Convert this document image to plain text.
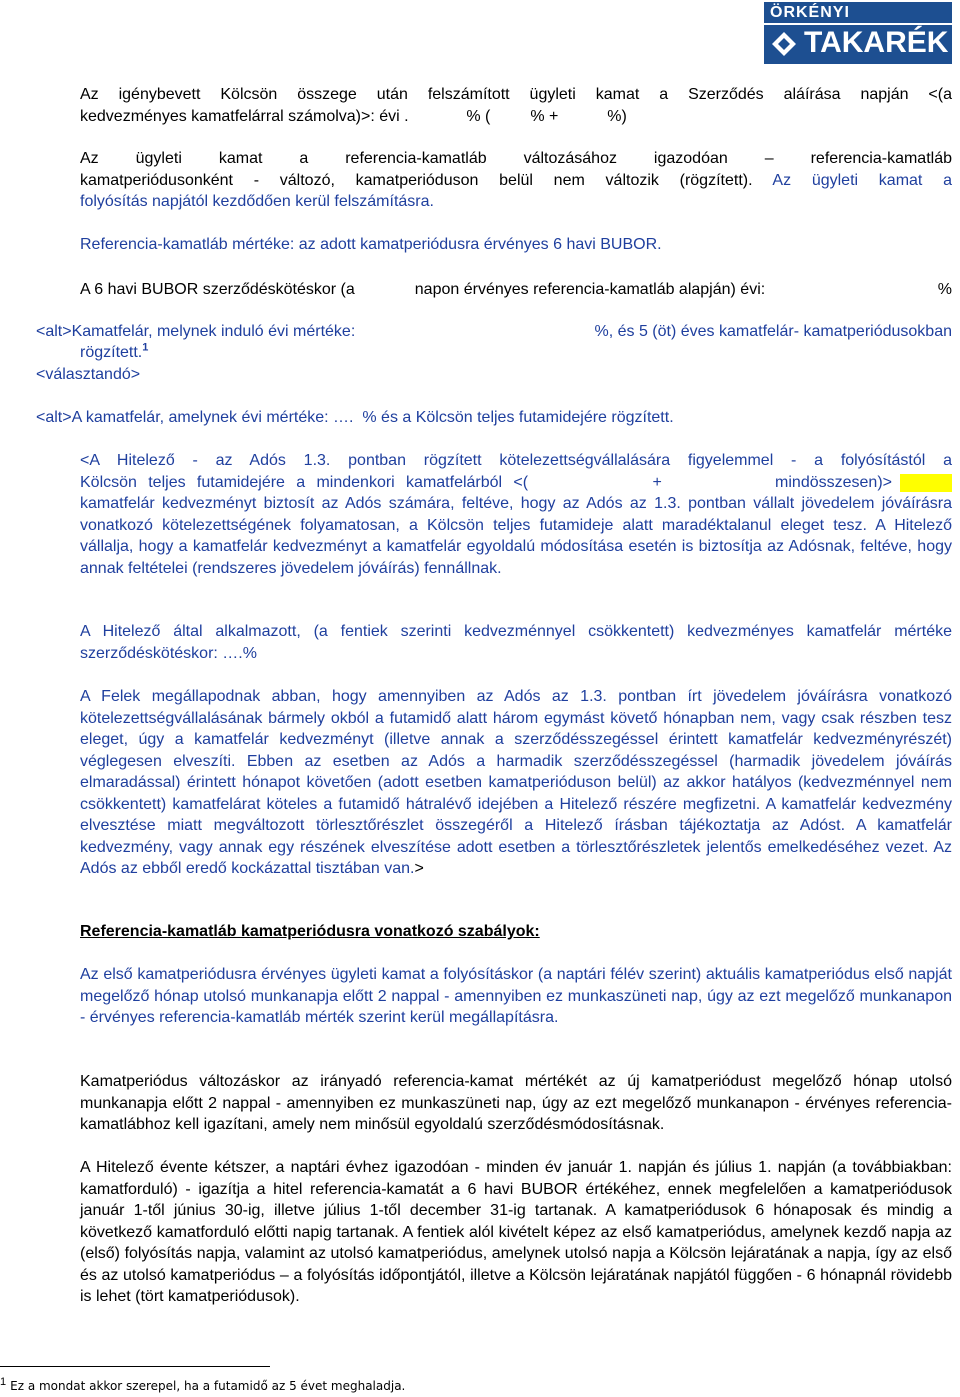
ÖRKÉNYI
TAKARÉK
Az igénybevett Kölcsön összege után felszámított ügyleti kamat a Szerződés aláírása napján <(a
kedvezményes kamatfelárral számolva)>: évi .             % (         % +           %)
Az ügyleti kamat a referencia-kamatláb változásához igazodóan – referencia-kamatláb
kamatperiódusonként - változó, kamatperióduson belül nem változik (rögzített). Az ügyleti kamat a
folyósítás napjától kezdődően kerül felszámításra.
Referencia-kamatláb mértéke: az adott kamatperiódusra érvényes 6 havi BUBOR.
A 6 havi BUBOR szerződéskötéskor (a	napon érvényes referencia-kamatláb alapján) évi:	%
<alt>Kamatfelár, melynek induló évi mértéke:	%, és 5 (öt) éves kamatfelár- kamatperiódusokban
rögzített.$^1$
<választandó>
<alt>A kamatfelár, amelynek évi mértéke: ….  % és a Kölcsön teljes futamidejére rögzített.
<A Hitelező - az Adós 1.3. pontban rögzített kötelezettségvállalására figyelemmel - a folyósítástól a
Kölcsön teljes futamidejére a mindenkori kamatfelárból <(           +          mindösszesen)>
kamatfelár kedvezményt biztosít az Adós számára, feltéve, hogy az Adós az 1.3. pontban vállalt jövedelem jóváírásra vonatkozó kötelezettségének folyamatosan, a Kölcsön teljes futamideje alatt maradéktalanul eleget tesz. A Hitelező vállalja, hogy a kamatfelár kedvezményt a kamatfelár egyoldalú módosítása esetén is biztosítja az Adósnak, feltéve, hogy annak feltételei (rendszeres jövedelem jóváírás) fennállnak.
A Hitelező által alkalmazott, (a fentiek szerinti kedvezménnyel csökkentett) kedvezményes kamatfelár mértéke szerződéskötéskor: ….%
A Felek megállapodnak abban, hogy amennyiben az Adós az 1.3. pontban írt jövedelem jóváírásra vonatkozó kötelezettségvállalásának bármely okból a futamidő alatt három egymást követő hónapban nem, vagy csak részben tesz eleget, úgy a kamatfelár kedvezményt (illetve annak a szerződésszegéssel érintett kamatfelár kedvezményrészét) véglegesen elveszíti. Ebben az esetben az Adós a harmadik szerződésszegéssel (harmadik jövedelem jóváírás elmaradással) érintett hónapot követően (adott esetben kamatperióduson belül) az akkor hatályos (kedvezménnyel nem csökkentett) kamatfelárat köteles a futamidő hátralévő idejében a Hitelező részére megfizetni. A kamatfelár kedvezmény elvesztése miatt megváltozott törlesztőrészlet összegéről a Hitelező írásban tájékoztatja az Adóst. A kamatfelár kedvezmény, vagy annak egy részének elveszítése adott esetben a törlesztőrészletek jelentős emelkedéséhez vezet. Az Adós az ebből eredő kockázattal tisztában van.>
Referencia-kamatláb kamatperiódusra vonatkozó szabályok:
Az első kamatperiódusra érvényes ügyleti kamat a folyósításkor (a naptári félév szerint) aktuális kamatperiódus első napját megelőző hónap utolsó munkanapja előtt 2 nappal - amennyiben ez munkaszüneti nap, úgy az ezt megelőző munkanapon - érvényes referencia-kamatláb mérték szerint kerül megállapításra.
Kamatperiódus változáskor az irányadó referencia-kamat mértékét az új kamatperiódust megelőző hónap utolsó munkanapja előtt 2 nappal - amennyiben ez munkaszüneti nap, úgy az ezt megelőző munkanapon - érvényes referencia-kamatlábhoz kell igazítani, amely nem minősül egyoldalú szerződésmódosításnak.
A Hitelező évente kétszer, a naptári évhez igazodóan - minden év január 1. napján és július 1. napján (a továbbiakban: kamatforduló) - igazítja a hitel referencia-kamatát a 6 havi BUBOR értékéhez, ennek megfelelően a kamatperiódusok január 1-től június 30-ig, illetve július 1-től december 31-ig tartanak. A kamatperiódusok 6 hónaposak és mindig a következő kamatforduló előtti napig tartanak. A fentiek alól kivételt képez az első kamatperiódus, amelynek kezdő napja az (első) folyósítás napja, valamint az utolsó kamatperiódus, amelynek utolsó napja a Kölcsön lejáratának a napja, így az első és az utolsó kamatperiódus – a folyósítás időpontjától, illetve a Kölcsön lejáratának napjától függően - 6 hónapnál rövidebb is lehet (tört kamatperiódusok).
$^1$ Ez a mondat akkor szerepel, ha a futamidő az 5 évet meghaladja.
